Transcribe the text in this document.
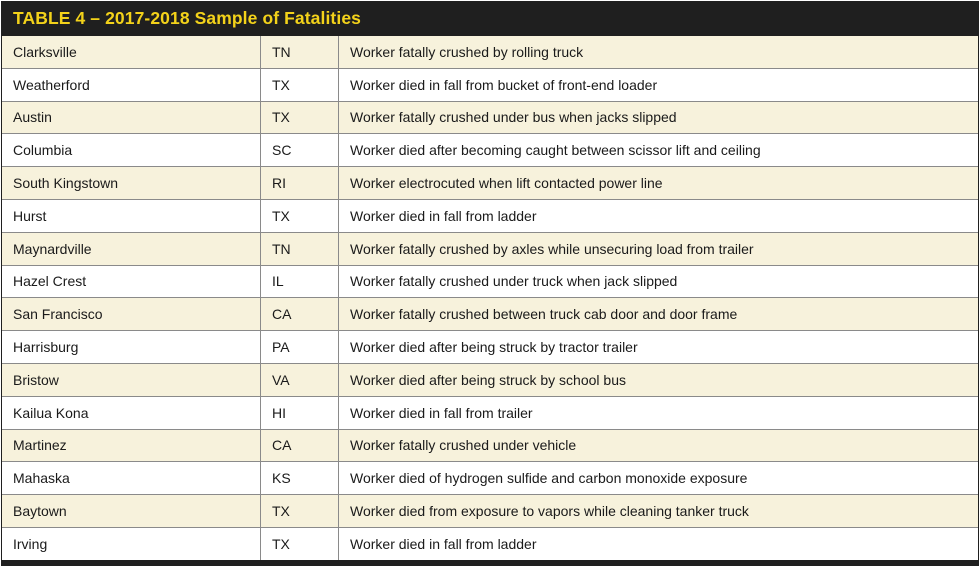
TABLE 4 – 2017-2018 Sample of Fatalities
Clarksville	TN	Worker fatally crushed by rolling truck
Weatherford	TX	Worker died in fall from bucket of front-end loader
Austin	TX	Worker fatally crushed under bus when jacks slipped
Columbia	SC	Worker died after becoming caught between scissor lift and ceiling
South Kingstown	RI	Worker electrocuted when lift contacted power line
Hurst	TX	Worker died in fall from ladder
Maynardville	TN	Worker fatally crushed by axles while unsecuring load from trailer
Hazel Crest	IL	Worker fatally crushed under truck when jack slipped
San Francisco	CA	Worker fatally crushed between truck cab door and door frame
Harrisburg	PA	Worker died after being struck by tractor trailer
Bristow	VA	Worker died after being struck by school bus
Kailua Kona	HI	Worker died in fall from trailer
Martinez	CA	Worker fatally crushed under vehicle
Mahaska	KS	Worker died of hydrogen sulfide and carbon monoxide exposure
Baytown	TX	Worker died from exposure to vapors while cleaning tanker truck
Irving	TX	Worker died in fall from ladder
